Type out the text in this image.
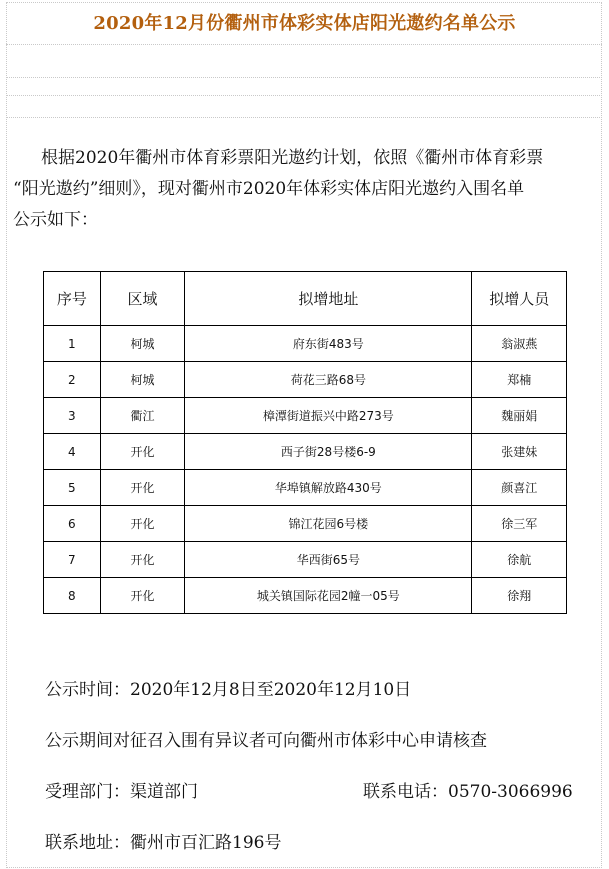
2020年12月份衢州市体彩实体店阳光遨约名单公示
根据2020年衢州市体育彩票阳光遨约计划，依照《衢州市体育彩票
“阳光遨约”细则》，现对衢州市2020年体彩实体店阳光遨约入围名单
公示如下：
序号	区域	拟增地址	拟增人员
1	柯城	府东街483号	翁淑燕
2	柯城	荷花三路68号	郑楠
3	衢江	樟潭街道振兴中路273号	魏丽娟
4	开化	西子街28号楼6-9	张建妹
5	开化	华埠镇解放路430号	颜喜江
6	开化	锦江花园6号楼	徐三军
7	开化	华西街65号	徐航
8	开化	城关镇国际花园2幢一05号	徐翔
公示时间：2020年12月8日至2020年12月10日
公示期间对征召入围有异议者可向衢州市体彩中心申请核查
受理部门：渠道部门	联系电话：0570-3066996
联系地址：衢州市百汇路196号
